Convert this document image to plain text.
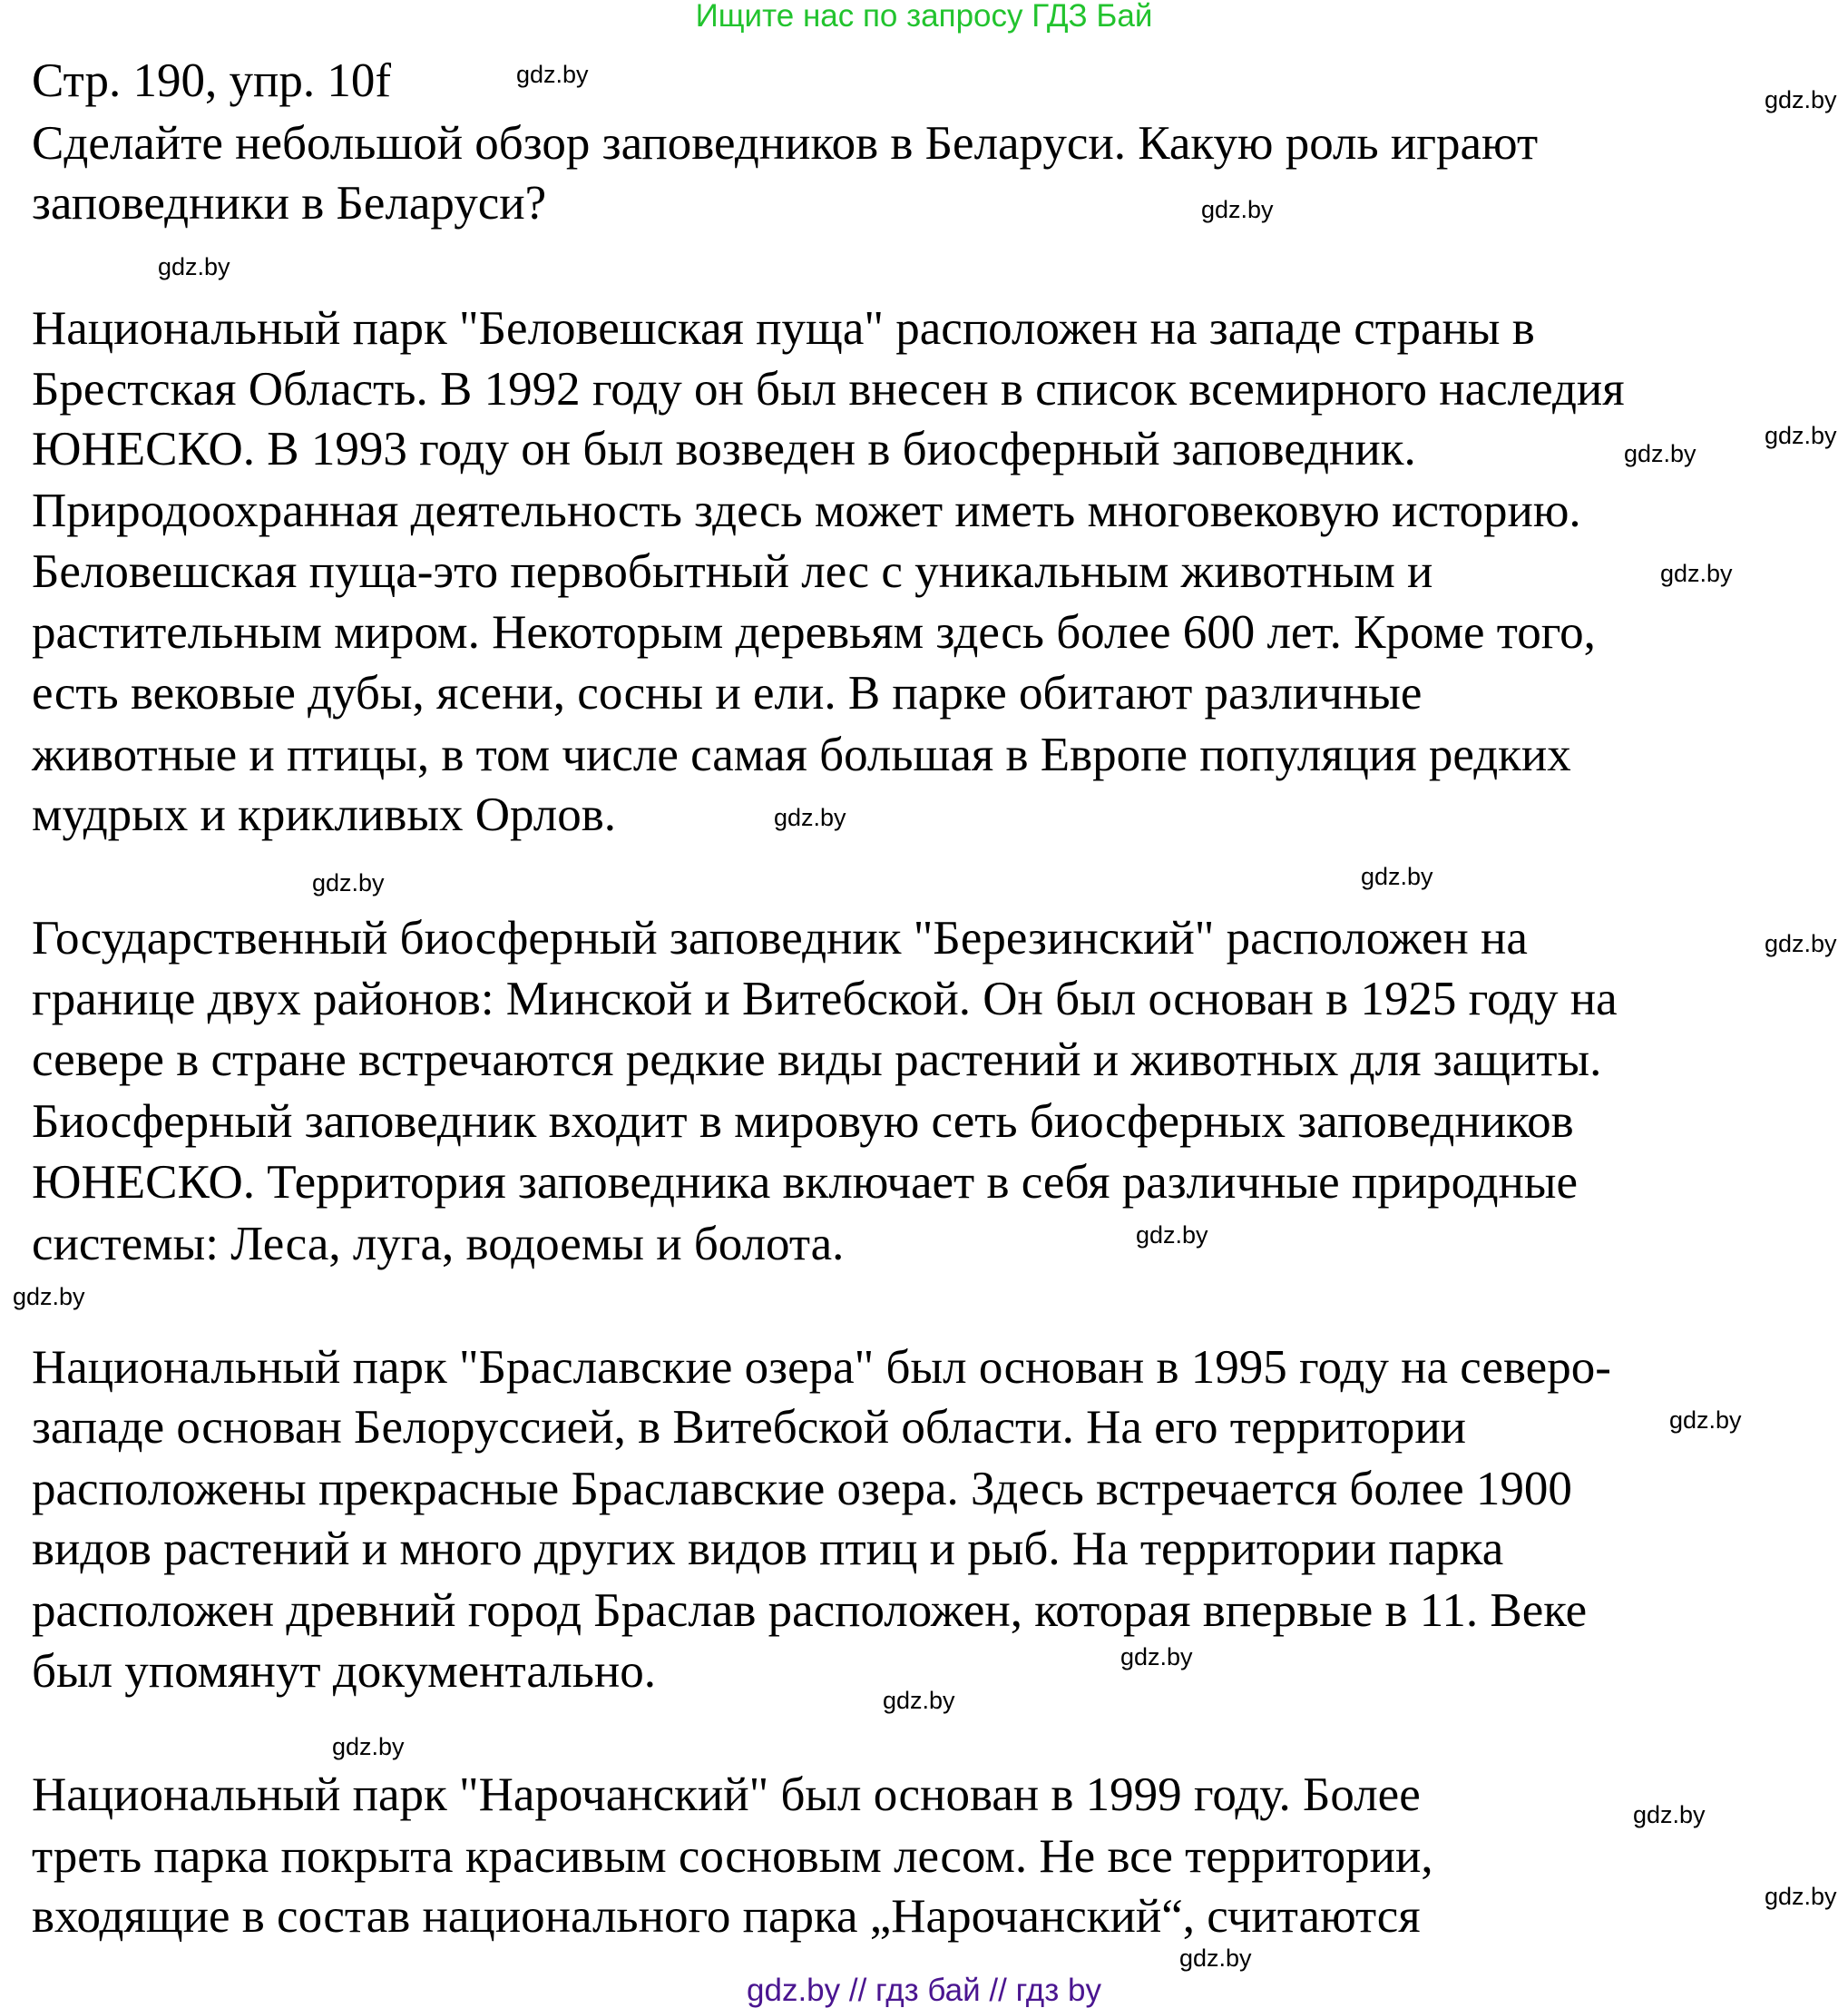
Ищите нас по запросу ГДЗ Бай
Стр. 190, упр. 10f
Сделайте небольшой обзор заповедников в Беларуси. Какую роль играют
заповедники в Беларуси?
Национальный парк "Беловешская пуща" расположен на западе страны в
Брестская Область. В 1992 году он был внесен в список всемирного наследия
ЮНЕСКО. В 1993 году он был возведен в биосферный заповедник.
Природоохранная деятельность здесь может иметь многовековую историю.
Беловешская пуща-это первобытный лес с уникальным животным и
растительным миром. Некоторым деревьям здесь более 600 лет. Кроме того,
есть вековые дубы, ясени, сосны и ели. В парке обитают различные
животные и птицы, в том числе самая большая в Европе популяция редких
мудрых и крикливых Орлов.
Государственный биосферный заповедник "Березинский" расположен на
границе двух районов: Минской и Витебской. Он был основан в 1925 году на
севере в стране встречаются редкие виды растений и животных для защиты.
Биосферный заповедник входит в мировую сеть биосферных заповедников
ЮНЕСКО. Территория заповедника включает в себя различные природные
системы: Леса, луга, водоемы и болота.
Национальный парк "Браславские озера" был основан в 1995 году на северо-
западе основан Белоруссией, в Витебской области. На его территории
расположены прекрасные Браславские озера. Здесь встречается более 1900
видов растений и много других видов птиц и рыб. На территории парка
расположен древний город Браслав расположен, которая впервые в 11. Веке
был упомянут документально.
Национальный парк "Нарочанский" был основан в 1999 году. Более
треть парка покрыта красивым сосновым лесом. Не все территории,
входящие в состав национального парка „Нарочанский“, считаются
gdz.by
gdz.by
gdz.by
gdz.by
gdz.by
gdz.by
gdz.by
gdz.by
gdz.by
gdz.by
gdz.by
gdz.by
gdz.by
gdz.by
gdz.by
gdz.by
gdz.by
gdz.by
gdz.by
gdz.by
gdz.by // гдз бай // гдз by
